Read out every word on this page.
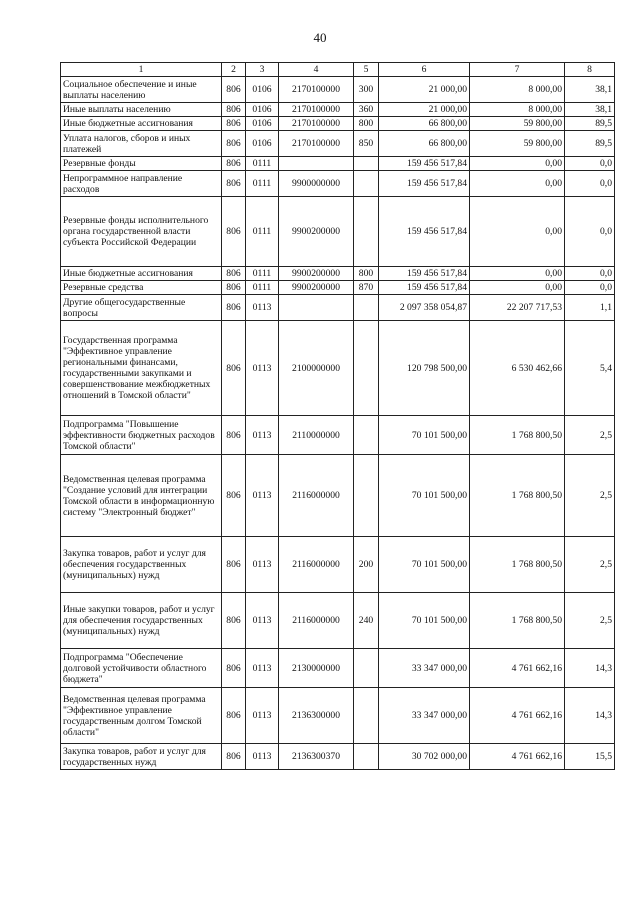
40
1	2	3	4	5	6	7	8
Социальное обеспечение и иные выплаты населению	806	0106	2170100000	300	21 000,00	8 000,00	38,1
Иные выплаты населению	806	0106	2170100000	360	21 000,00	8 000,00	38,1
Иные бюджетные ассигнования	806	0106	2170100000	800	66 800,00	59 800,00	89,5
Уплата налогов, сборов и иных платежей	806	0106	2170100000	850	66 800,00	59 800,00	89,5
Резервные фонды	806	0111			159 456 517,84	0,00	0,0
Непрограммное направление расходов	806	0111	9900000000		159 456 517,84	0,00	0,0
Резервные фонды исполнительного органа государственной власти субъекта Российской Федерации	806	0111	9900200000		159 456 517,84	0,00	0,0
Иные бюджетные ассигнования	806	0111	9900200000	800	159 456 517,84	0,00	0,0
Резервные средства	806	0111	9900200000	870	159 456 517,84	0,00	0,0
Другие общегосударственные вопросы	806	0113			2 097 358 054,87	22 207 717,53	1,1
Государственная программа "Эффективное управление региональными финансами, государственными закупками и совершенствование межбюджетных отношений в Томской области"	806	0113	2100000000		120 798 500,00	6 530 462,66	5,4
Подпрограмма "Повышение эффективности бюджетных расходов Томской области"	806	0113	2110000000		70 101 500,00	1 768 800,50	2,5
Ведомственная целевая программа "Создание условий для интеграции Томской области в информационную систему "Электронный бюджет"	806	0113	2116000000		70 101 500,00	1 768 800,50	2,5
Закупка товаров, работ и услуг для обеспечения государственных (муниципальных) нужд	806	0113	2116000000	200	70 101 500,00	1 768 800,50	2,5
Иные закупки товаров, работ и услуг для обеспечения государственных (муниципальных) нужд	806	0113	2116000000	240	70 101 500,00	1 768 800,50	2,5
Подпрограмма "Обеспечение долговой устойчивости областного бюджета"	806	0113	2130000000		33 347 000,00	4 761 662,16	14,3
Ведомственная целевая программа "Эффективное управление государственным долгом Томской области"	806	0113	2136300000		33 347 000,00	4 761 662,16	14,3
Закупка товаров, работ и услуг для государственных нужд	806	0113	2136300370		30 702 000,00	4 761 662,16	15,5
